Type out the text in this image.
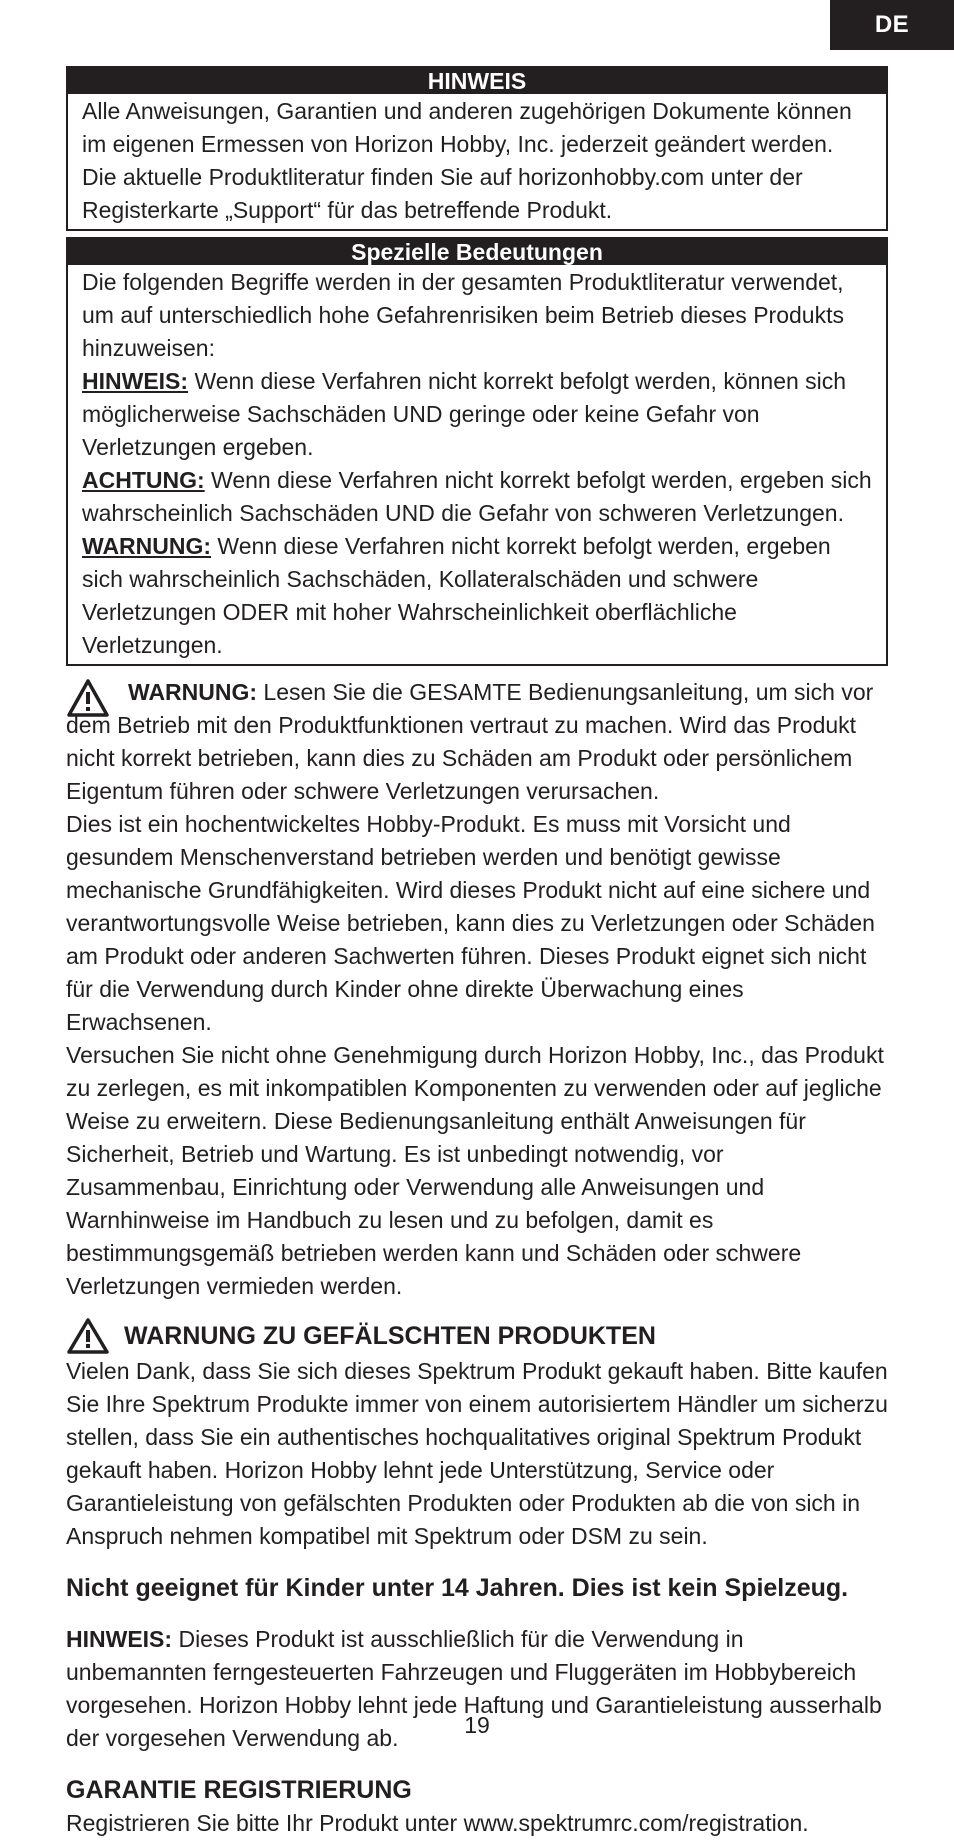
DE
HINWEIS

Alle Anweisungen, Garantien und anderen zugehörigen Dokumente können im eigenen Ermessen von Horizon Hobby, Inc. jederzeit geändert werden. Die aktuelle Produktliteratur finden Sie auf horizonhobby.com unter der Registerkarte „Support“ für das betreffende Produkt.

Spezielle Bedeutungen

Die folgenden Begriffe werden in der gesamten Produktliteratur verwendet, um auf unterschiedlich hohe Gefahrenrisiken beim Betrieb dieses Produkts hinzuweisen:

HINWEIS: Wenn diese Verfahren nicht korrekt befolgt werden, können sich möglicherweise Sachschäden UND geringe oder keine Gefahr von Verletzungen ergeben.

ACHTUNG: Wenn diese Verfahren nicht korrekt befolgt werden, ergeben sich wahrscheinlich Sachschäden UND die Gefahr von schweren Verletzungen.

WARNUNG: Wenn diese Verfahren nicht korrekt befolgt werden, ergeben sich wahrscheinlich Sachschäden, Kollateralschäden und schwere Verletzungen ODER mit hoher Wahrscheinlichkeit oberflächliche Verletzungen.

WARNUNG: Lesen Sie die GESAMTE Bedienungsanleitung, um sich vor dem Betrieb mit den Produktfunktionen vertraut zu machen. Wird das Produkt nicht korrekt betrieben, kann dies zu Schäden am Produkt oder persönlichem Eigentum führen oder schwere Verletzungen verursachen.

Dies ist ein hochentwickeltes Hobby-Produkt. Es muss mit Vorsicht und gesundem Menschenverstand betrieben werden und benötigt gewisse mechanische Grundfähigkeiten. Wird dieses Produkt nicht auf eine sichere und verantwortungsvolle Weise betrieben, kann dies zu Verletzungen oder Schäden am Produkt oder anderen Sachwerten führen. Dieses Produkt eignet sich nicht für die Verwendung durch Kinder ohne direkte Überwachung eines Erwachsenen.

Versuchen Sie nicht ohne Genehmigung durch Horizon Hobby, Inc., das Produkt zu zerlegen, es mit inkompatiblen Komponenten zu verwenden oder auf jegliche Weise zu erweitern. Diese Bedienungsanleitung enthält Anweisungen für Sicherheit, Betrieb und Wartung. Es ist unbedingt notwendig, vor Zusammenbau, Einrichtung oder Verwendung alle Anweisungen und Warnhinweise im Handbuch zu lesen und zu befolgen, damit es bestimmungsgemäß betrieben werden kann und Schäden oder schwere Verletzungen vermieden werden.

WARNUNG ZU GEFÄLSCHTEN PRODUKTEN

Vielen Dank, dass Sie sich dieses Spektrum Produkt gekauft haben. Bitte kaufen Sie Ihre Spektrum Produkte immer von einem autorisiertem Händler um sicherzu stellen, dass Sie ein authentisches hochqualitatives original Spektrum Produkt gekauft haben. Horizon Hobby lehnt jede Unterstützung, Service oder Garantieleistung von gefälschten Produkten oder Produkten ab die von sich in Anspruch nehmen kompatibel mit Spektrum oder DSM zu sein.

Nicht geeignet für Kinder unter 14 Jahren. Dies ist kein Spielzeug.

HINWEIS: Dieses Produkt ist ausschließlich für die Verwendung in unbemannten ferngesteuerten Fahrzeugen und Fluggeräten im Hobbybereich vorgesehen. Horizon Hobby lehnt jede Haftung und Garantieleistung ausserhalb der vorgesehen Verwendung ab.

GARANTIE REGISTRIERUNG

Registrieren Sie bitte Ihr Produkt unter www.spektrumrc.com/registration.

19
